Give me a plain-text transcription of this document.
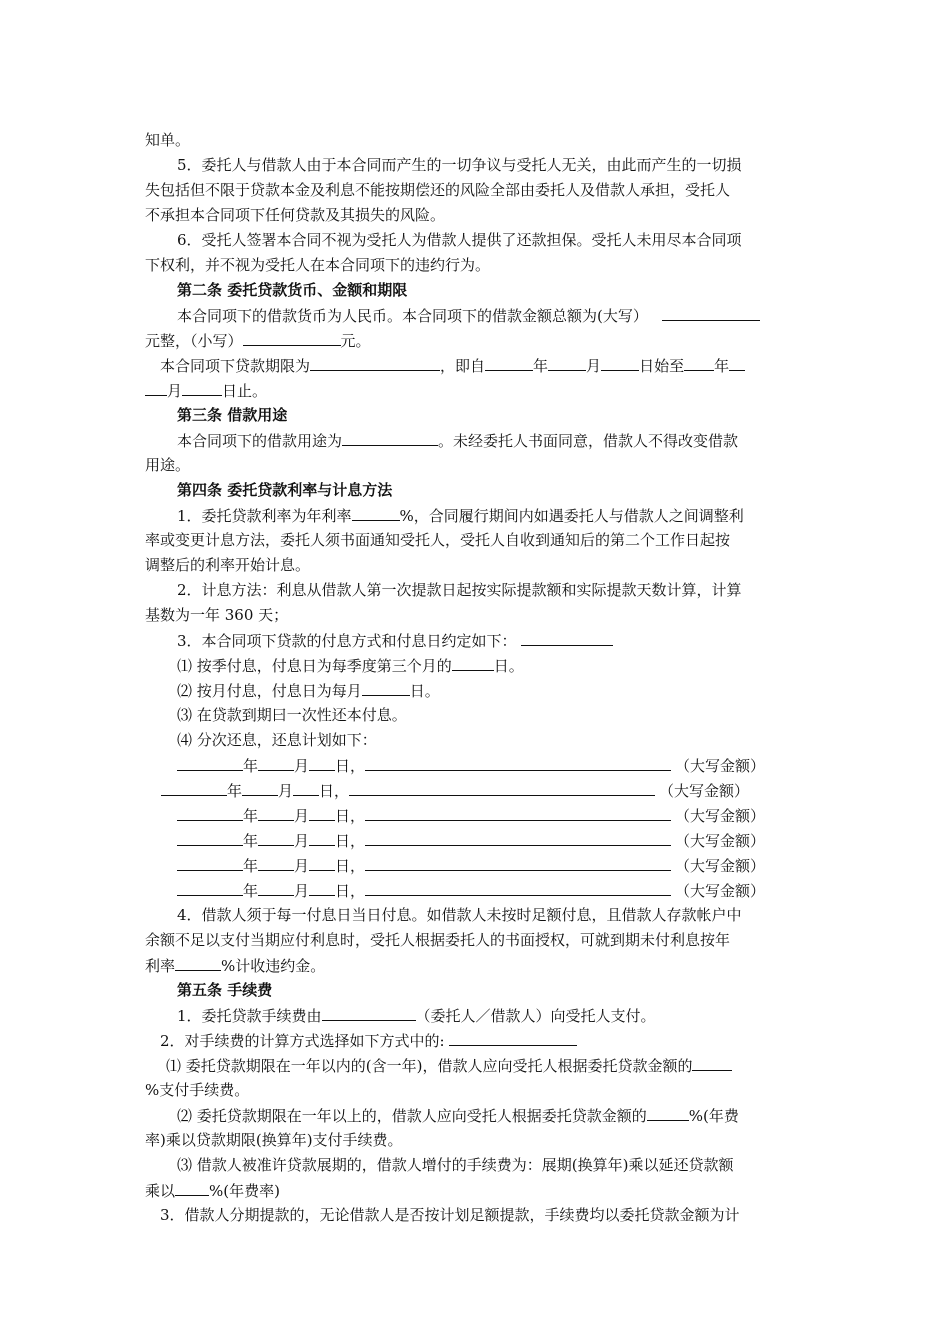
知单。
5．委托人与借款人由于本合同而产生的一切争议与受托人无关，由此而产生的一切损
失包括但不限于贷款本金及利息不能按期偿还的风险全部由委托人及借款人承担，受托人
不承担本合同项下任何贷款及其损失的风险。
6．受托人签署本合同不视为受托人为借款人提供了还款担保。受托人未用尽本合同项
下权利，并不视为受托人在本合同项下的违约行为。
第二条 委托贷款货币、金额和期限
本合同项下的借款货币为人民币。本合同项下的借款金额总额为(大写）
元整，（小写）	元。
本合同项下贷款期限为	，即自	年	月	日始至 年
月	日止。
第三条 借款用途
本合同项下的借款用途为	。未经委托人书面同意，借款人不得改变借款
用途。
第四条 委托贷款利率与计息方法
1．委托贷款利率为年利率	%，合同履行期间内如遇委托人与借款人之间调整利
率或变更计息方法，委托人须书面通知受托人，受托人自收到通知后的第二个工作日起按
调整后的利率开始计息。
2．计息方法：利息从借款人第一次提款日起按实际提款额和实际提款天数计算，计算
基数为一年 360 天；
3．本合同项下贷款的付息方式和付息日约定如下：
⑴ 按季付息，付息日为每季度第三个月的	日。
⑵ 按月付息，付息日为每月	日。
⑶ 在贷款到期曰一次性还本付息。
⑷ 分次还息，还息计划如下：
年 月 日，	（大写金额）
年 月 日，	（大写金额）
年 月 日，	（大写金额）
年 月 日，	（大写金额）
年 月 日，	（大写金额）
年 月 日，	（大写金额）
4．借款人须于每一付息日当日付息。如借款人未按时足额付息，且借款人存款帐户中
余额不足以支付当期应付利息时，受托人根据委托人的书面授权，可就到期未付利息按年
利率	%计收违约金。
第五条 手续费
1．委托贷款手续费由	（委托人／借款人）向受托人支付。
2．对手续费的计算方式选择如下方式中的:
⑴ 委托贷款期限在一年以内的(含一年)，借款人应向受托人根据委托贷款金额的
%支付手续费。
⑵ 委托贷款期限在一年以上的，借款人应向受托人根据委托贷款金额的	%(年费
率)乘以贷款期限(换算年)支付手续费。
⑶ 借款人被准许贷款展期的，借款人增付的手续费为：展期(换算年)乘以延还贷款额
乘以 %(年费率)
3．借款人分期提款的，无论借款人是否按计划足额提款，手续费均以委托贷款金额为计
